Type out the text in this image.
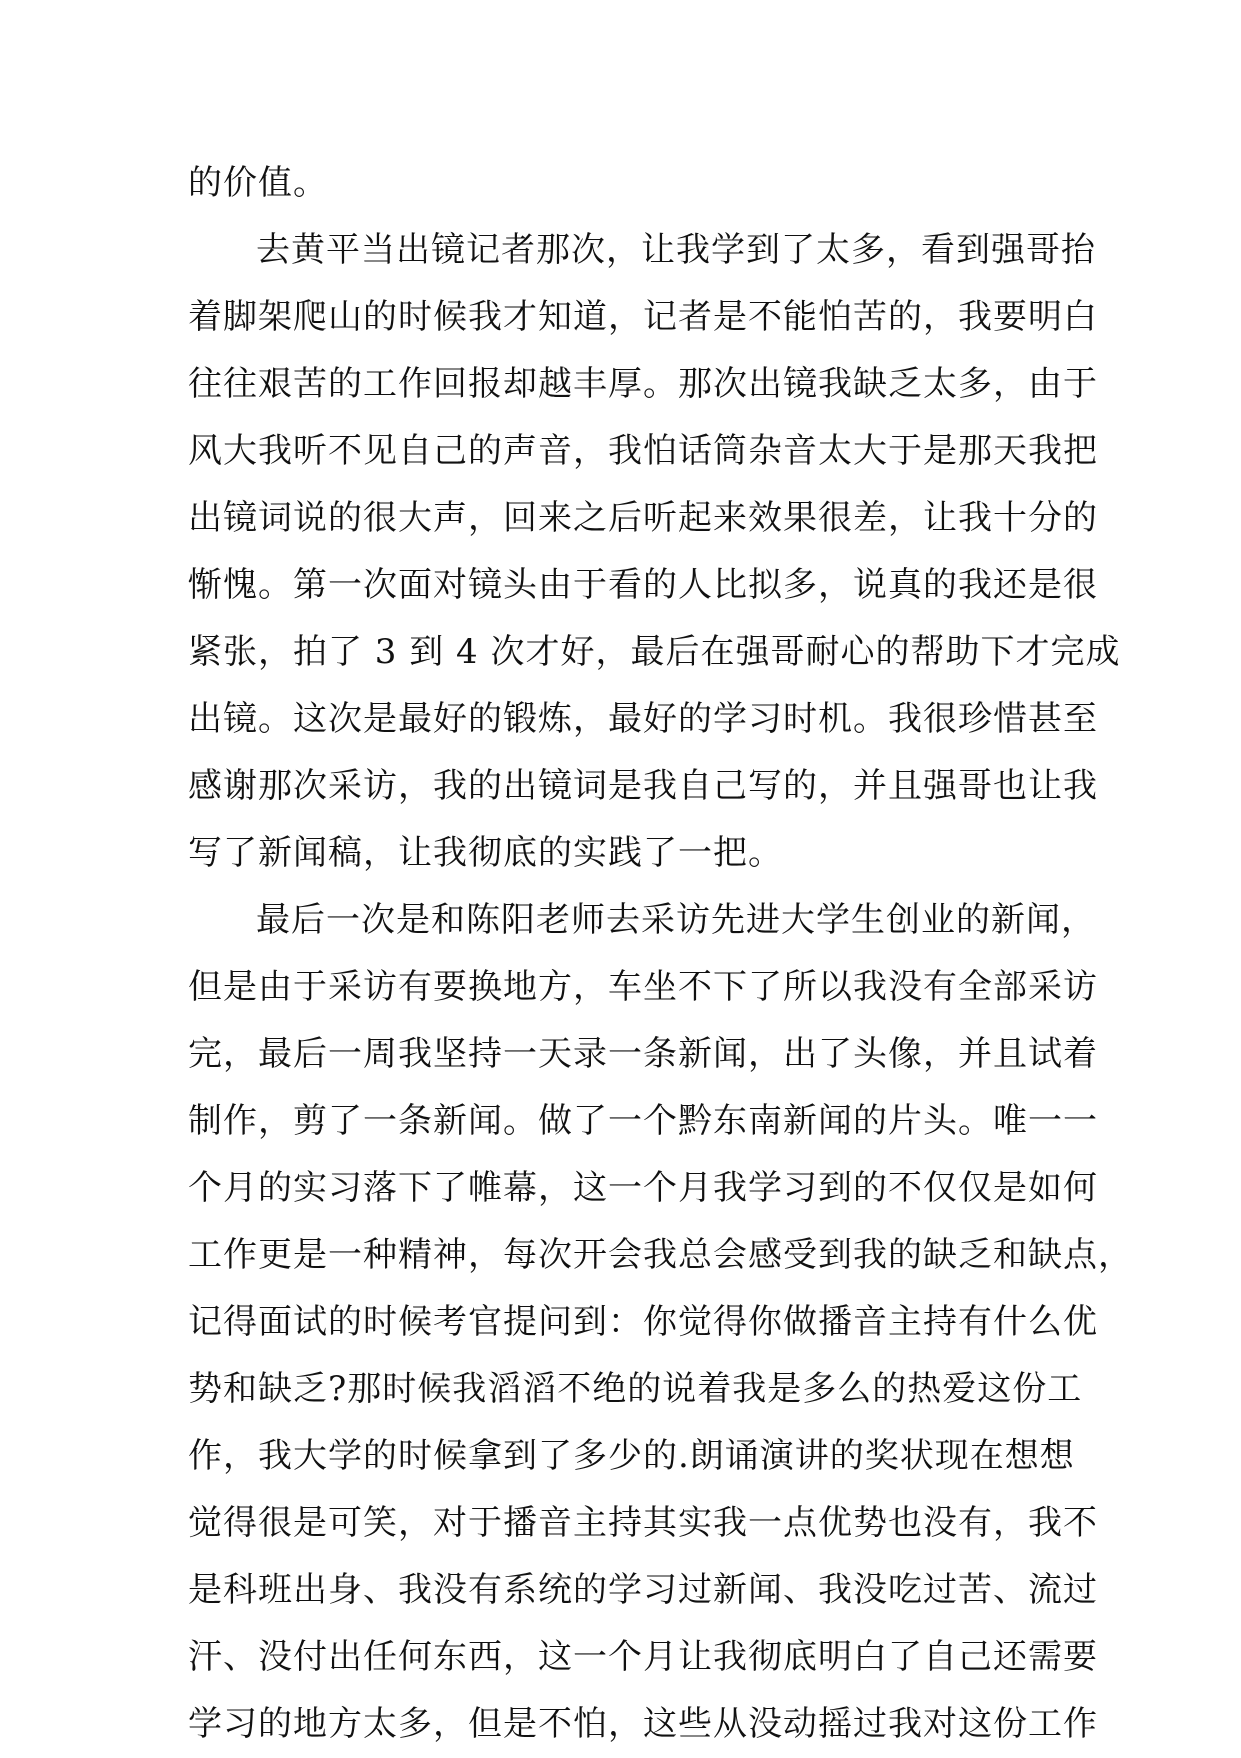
的价值。
去黄平当出镜记者那次，让我学到了太多，看到强哥抬
着脚架爬山的时候我才知道，记者是不能怕苦的，我要明白
往往艰苦的工作回报却越丰厚。那次出镜我缺乏太多，由于
风大我听不见自己的声音，我怕话筒杂音太大于是那天我把
出镜词说的很大声，回来之后听起来效果很差，让我十分的
惭愧。第一次面对镜头由于看的人比拟多，说真的我还是很
紧张，拍了 3 到 4 次才好，最后在强哥耐心的帮助下才完成
出镜。这次是最好的锻炼，最好的学习时机。我很珍惜甚至
感谢那次采访，我的出镜词是我自己写的，并且强哥也让我
写了新闻稿，让我彻底的实践了一把。
最后一次是和陈阳老师去采访先进大学生创业的新闻，
但是由于采访有要换地方，车坐不下了所以我没有全部采访
完，最后一周我坚持一天录一条新闻，出了头像，并且试着
制作，剪了一条新闻。做了一个黔东南新闻的片头。唯一一
个月的实习落下了帷幕，这一个月我学习到的不仅仅是如何
工作更是一种精神，每次开会我总会感受到我的缺乏和缺点，
记得面试的时候考官提问到：你觉得你做播音主持有什么优
势和缺乏?那时候我滔滔不绝的说着我是多么的热爱这份工
作，我大学的时候拿到了多少的.朗诵演讲的奖状现在想想
觉得很是可笑，对于播音主持其实我一点优势也没有，我不
是科班出身、我没有系统的学习过新闻、我没吃过苦、流过
汗、没付出任何东西，这一个月让我彻底明白了自己还需要
学习的地方太多，但是不怕，这些从没动摇过我对这份工作
